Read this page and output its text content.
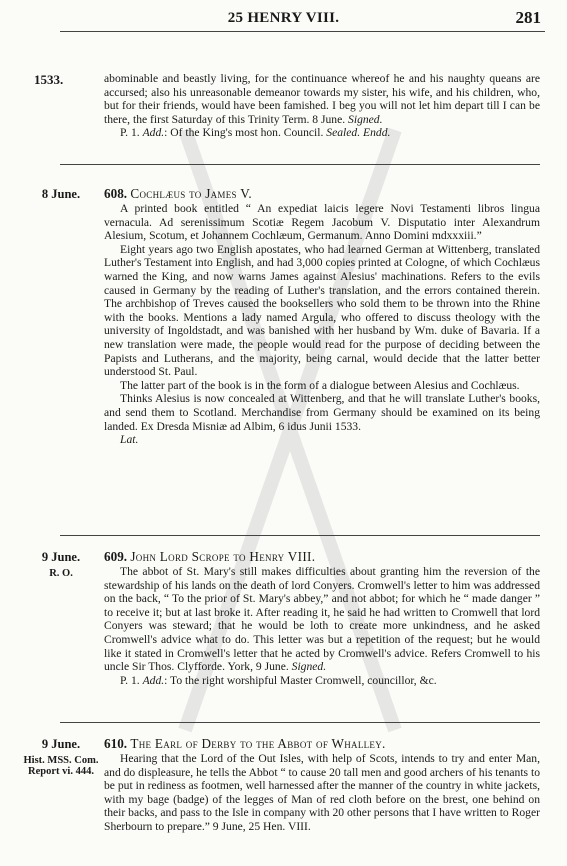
25 HENRY VIII.	281
1533.	abominable and beastly living, for the continuance whereof he and his naughty queans are accursed; also his unreasonable demeanor towards my sister, his wife, and his children, who, but for their friends, would have been famished. I beg you will not let him depart till I can be there, the first Saturday of this Trinity Term. 8 June. Signed.

P. 1. Add.: Of the King's most hon. Council. Sealed. Endd.

8 June.	608. Cochlæus to James V.

A printed book entitled “ An expediat laicis legere Novi Testamenti libros lingua vernacula. Ad serenissimum Scotiæ Regem Jacobum V. Disputatio inter Alexandrum Alesium, Scotum, et Johannem Cochlæum, Germanum. Anno Domini mdxxxiii.”

Eight years ago two English apostates, who had learned German at Wittenberg, translated Luther's Testament into English, and had 3,000 copies printed at Cologne, of which Cochlæus warned the King, and now warns James against Alesius' machinations. Refers to the evils caused in Germany by the reading of Luther's translation, and the errors contained therein. The archbishop of Treves caused the booksellers who sold them to be thrown into the Rhine with the books. Mentions a lady named Argula, who offered to discuss theology with the university of Ingoldstadt, and was banished with her husband by Wm. duke of Bavaria. If a new translation were made, the people would read for the purpose of deciding between the Papists and Lutherans, and the majority, being carnal, would decide that the latter better understood St. Paul.

The latter part of the book is in the form of a dialogue between Alesius and Cochlæus.

Thinks Alesius is now concealed at Wittenberg, and that he will translate Luther's books, and send them to Scotland. Merchandise from Germany should be examined on its being landed. Ex Dresda Misniæ ad Albim, 6 idus Junii 1533.

Lat.

9 June.
R. O.

609. John Lord Scrope to Henry VIII.

The abbot of St. Mary's still makes difficulties about granting him the reversion of the stewardship of his lands on the death of lord Conyers. Cromwell's letter to him was addressed on the back, “ To the prior of St. Mary's abbey,” and not abbot; for which he “ made danger ” to receive it; but at last broke it. After reading it, he said he had written to Cromwell that lord Conyers was steward; that he would be loth to create more unkindness, and he asked Cromwell's advice what to do. This letter was but a repetition of the request; but he would like it stated in Cromwell's letter that he acted by Cromwell's advice. Refers Cromwell to his uncle Sir Thos. Clyfforde. York, 9 June. Signed.

P. 1. Add.: To the right worshipful Master Cromwell, councillor, &c.

9 June.
Hist. MSS. Com. Report vi. 444.

610. The Earl of Derby to the Abbot of Whalley.

Hearing that the Lord of the Out Isles, with help of Scots, intends to try and enter Man, and do displeasure, he tells the Abbot “ to cause 20 tall men and good archers of his tenants to be put in rediness as footmen, well harnessed after the manner of the country in white jackets, with my bage (badge) of the legges of Man of red cloth before on the brest, one behind on their backs, and pass to the Isle in company with 20 other persons that I have written to Roger Sherbourn to prepare.” 9 June, 25 Hen. VIII.
